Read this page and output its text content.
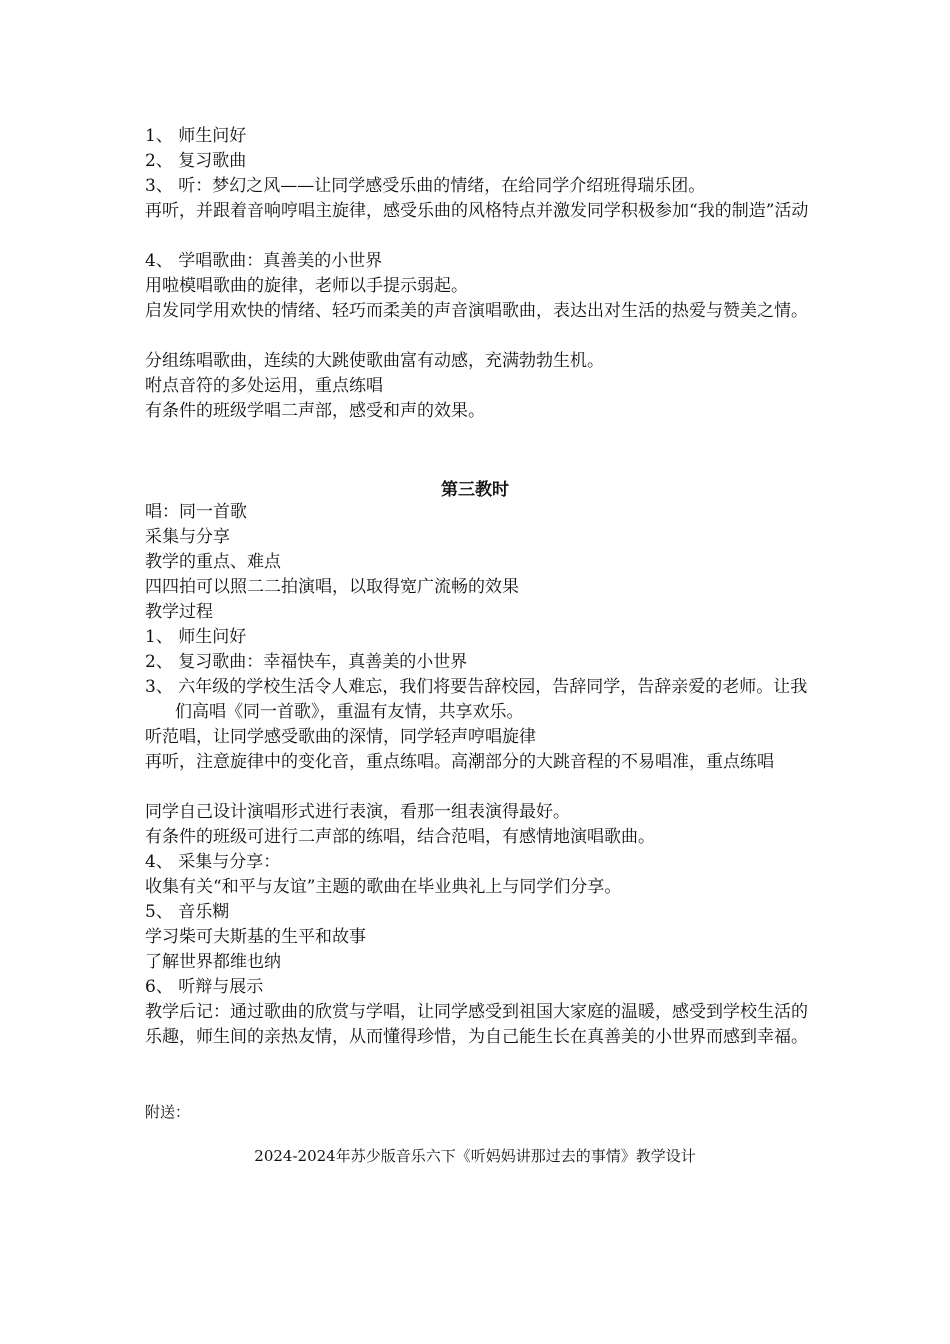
1、 师生问好
2、 复习歌曲
3、 听：梦幻之风——让同学感受乐曲的情绪，在给同学介绍班得瑞乐团。
再听，并跟着音响哼唱主旋律，感受乐曲的风格特点并激发同学积极参加“我的制造”活动
4、 学唱歌曲：真善美的小世界
用啦模唱歌曲的旋律，老师以手提示弱起。
启发同学用欢快的情绪、轻巧而柔美的声音演唱歌曲，表达出对生活的热爱与赞美之情。
分组练唱歌曲，连续的大跳使歌曲富有动感，充满勃勃生机。
咐点音符的多处运用，重点练唱
有条件的班级学唱二声部，感受和声的效果。
第三教时
唱：同一首歌
采集与分享
教学的重点、难点
四四拍可以照二二拍演唱，以取得宽广流畅的效果
教学过程
1、 师生问好
2、 复习歌曲：幸福快车，真善美的小世界
3、 六年级的学校生活令人难忘，我们将要告辞校园，告辞同学，告辞亲爱的老师。让我们高唱《同一首歌》，重温有友情，共享欢乐。
听范唱，让同学感受歌曲的深情，同学轻声哼唱旋律
再听，注意旋律中的变化音，重点练唱。高潮部分的大跳音程的不易唱准，重点练唱
同学自己设计演唱形式进行表演，看那一组表演得最好。
有条件的班级可进行二声部的练唱，结合范唱，有感情地演唱歌曲。
4、 采集与分享：
收集有关“和平与友谊”主题的歌曲在毕业典礼上与同学们分享。
5、 音乐糊
学习柴可夫斯基的生平和故事
了解世界都维也纳
6、 听辩与展示
教学后记：通过歌曲的欣赏与学唱，让同学感受到祖国大家庭的温暖，感受到学校生活的乐趣，师生间的亲热友情，从而懂得珍惜，为自己能生长在真善美的小世界而感到幸福。
附送：
2024-2024年苏少版音乐六下《听妈妈讲那过去的事情》教学设计
